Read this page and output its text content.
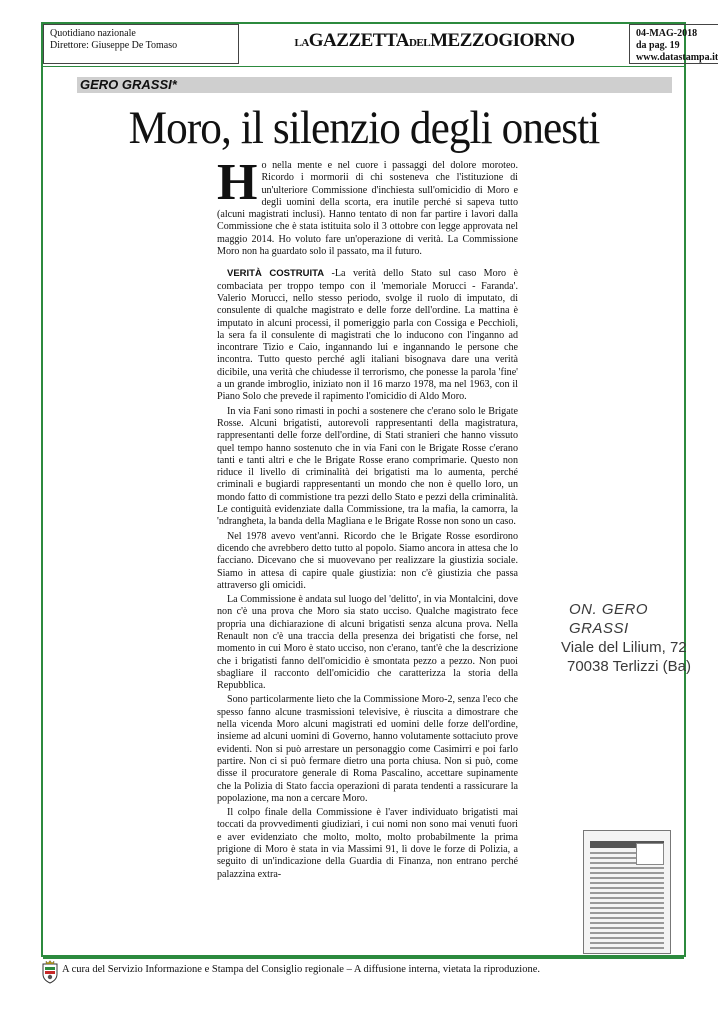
Quotidiano nazionale
Direttore: Giuseppe De Tomaso	LAGAZZETTADELMEZZOGIORNO	04-MAG-2018
da pag. 19
www.datastampa.it
GERO GRASSI*
Moro, il silenzio degli onesti

Ho nella mente e nel cuore i passaggi del dolore moroteo. Ricordo i mormorii di chi sosteneva che l'istituzione di un'ulteriore Commissione d'inchiesta sull'omicidio di Moro e degli uomini della scorta, era inutile perché si sapeva tutto (alcuni magistrati inclusi). Hanno tentato di non far partire i lavori dalla Commissione che è stata istituita solo il 3 ottobre con legge approvata nel maggio 2014. Ho voluto fare un'operazione di verità. La Commissione Moro non ha guardato solo il passato, ma il futuro.

VERITÀ COSTRUITA -La verità dello Stato sul caso Moro è combaciata per troppo tempo con il 'memoriale Morucci - Faranda'. Valerio Morucci, nello stesso periodo, svolge il ruolo di imputato, di consulente di qualche magistrato e delle forze dell'ordine. La mattina è imputato in alcuni processi, il pomeriggio parla con Cossiga e Pecchioli, la sera fa il consulente di magistrati che lo inducono con l'inganno ad incontrare Tizio e Caio, ingannando lui e ingannando le persone che incontra. Tutto questo perché agli italiani bisognava dare una verità dicibile, una verità che chiudesse il terrorismo, che ponesse la parola 'fine' a un grande imbroglio, iniziato non il 16 marzo 1978, ma nel 1963, con il Piano Solo che prevede il rapimento l'omicidio di Aldo Moro.

In via Fani sono rimasti in pochi a sostenere che c'erano solo le Brigate Rosse. Alcuni brigatisti, autorevoli rappresentanti della magistratura, rappresentanti delle forze dell'ordine, di Stati stranieri che hanno vissuto quel tempo hanno sostenuto che in via Fani con le Brigate Rosse c'erano tanti e tanti altri e che le Brigate Rosse erano comprimarie. Questo non riduce il livello di criminalità dei brigatisti ma lo aumenta, perché criminali e bugiardi rappresentanti un mondo che non è quello loro, un mondo fatto di commistione tra pezzi dello Stato e pezzi della criminalità. Le contiguità evidenziate dalla Commissione, tra la mafia, la camorra, la 'ndrangheta, la banda della Magliana e le Brigate Rosse non sono un caso.

Nel 1978 avevo vent'anni. Ricordo che le Brigate Rosse esordirono dicendo che avrebbero detto tutto al popolo. Siamo ancora in attesa che lo facciano. Dicevano che si muovevano per realizzare la giustizia sociale. Siamo in attesa di capire quale giustizia: non c'è giustizia che passa attraverso gli omicidi.

La Commissione è andata sul luogo del 'delitto', in via Montalcini, dove non c'è una prova che Moro sia stato ucciso. Qualche magistrato fece propria una dichiarazione di alcuni brigatisti senza alcuna prova. Nella Renault non c'è una traccia della presenza dei brigatisti che forse, nel momento in cui Moro è stato ucciso, non c'erano, tant'è che la descrizione che i brigatisti fanno dell'omicidio è smontata pezzo a pezzo. Non puoi sbagliare il racconto dell'omicidio che caratterizza la storia della Repubblica.

Sono particolarmente lieto che la Commissione Moro-2, senza l'eco che spesso fanno alcune trasmissioni televisive, è riuscita a dimostrare che nella vicenda Moro alcuni magistrati ed uomini delle forze dell'ordine, insieme ad alcuni uomini di Governo, hanno volutamente sottaciuto prove evidenti. Non si può arrestare un personaggio come Casimirri e poi farlo partire. Non ci si può fermare dietro una porta chiusa. Non si può, come disse il procuratore generale di Roma Pascalino, accettare supinamente che la Polizia di Stato faccia operazioni di parata tendenti a rassicurare la popolazione, ma non a cercare Moro.

Il colpo finale della Commissione è l'aver individuato brigatisti mai toccati da provvedimenti giudiziari, i cui nomi non sono mai venuti fuori e aver evidenziato che molto, molto, molto probabilmente la prima prigione di Moro è stata in via Massimi 91, lì dove le forze di Polizia, a seguito di un'indicazione della Guardia di Finanza, non entrano perché palazzina extra-

ON. GERO GRASSI
Viale del Lilium, 72
70038 Terlizzi (Ba)
A cura del Servizio Informazione e Stampa del Consiglio regionale – A diffusione interna, vietata la riproduzione.
